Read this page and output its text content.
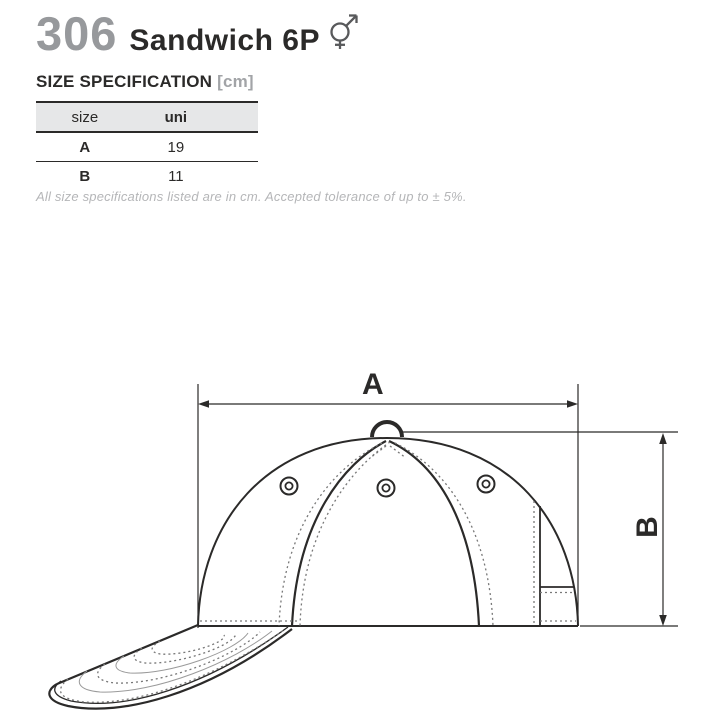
306 Sandwich 6P
SIZE SPECIFICATION [cm]
size	uni	
A	19	
B	11	

All size specifications listed are in cm. Accepted tolerance of up to ± 5%.

A
B
